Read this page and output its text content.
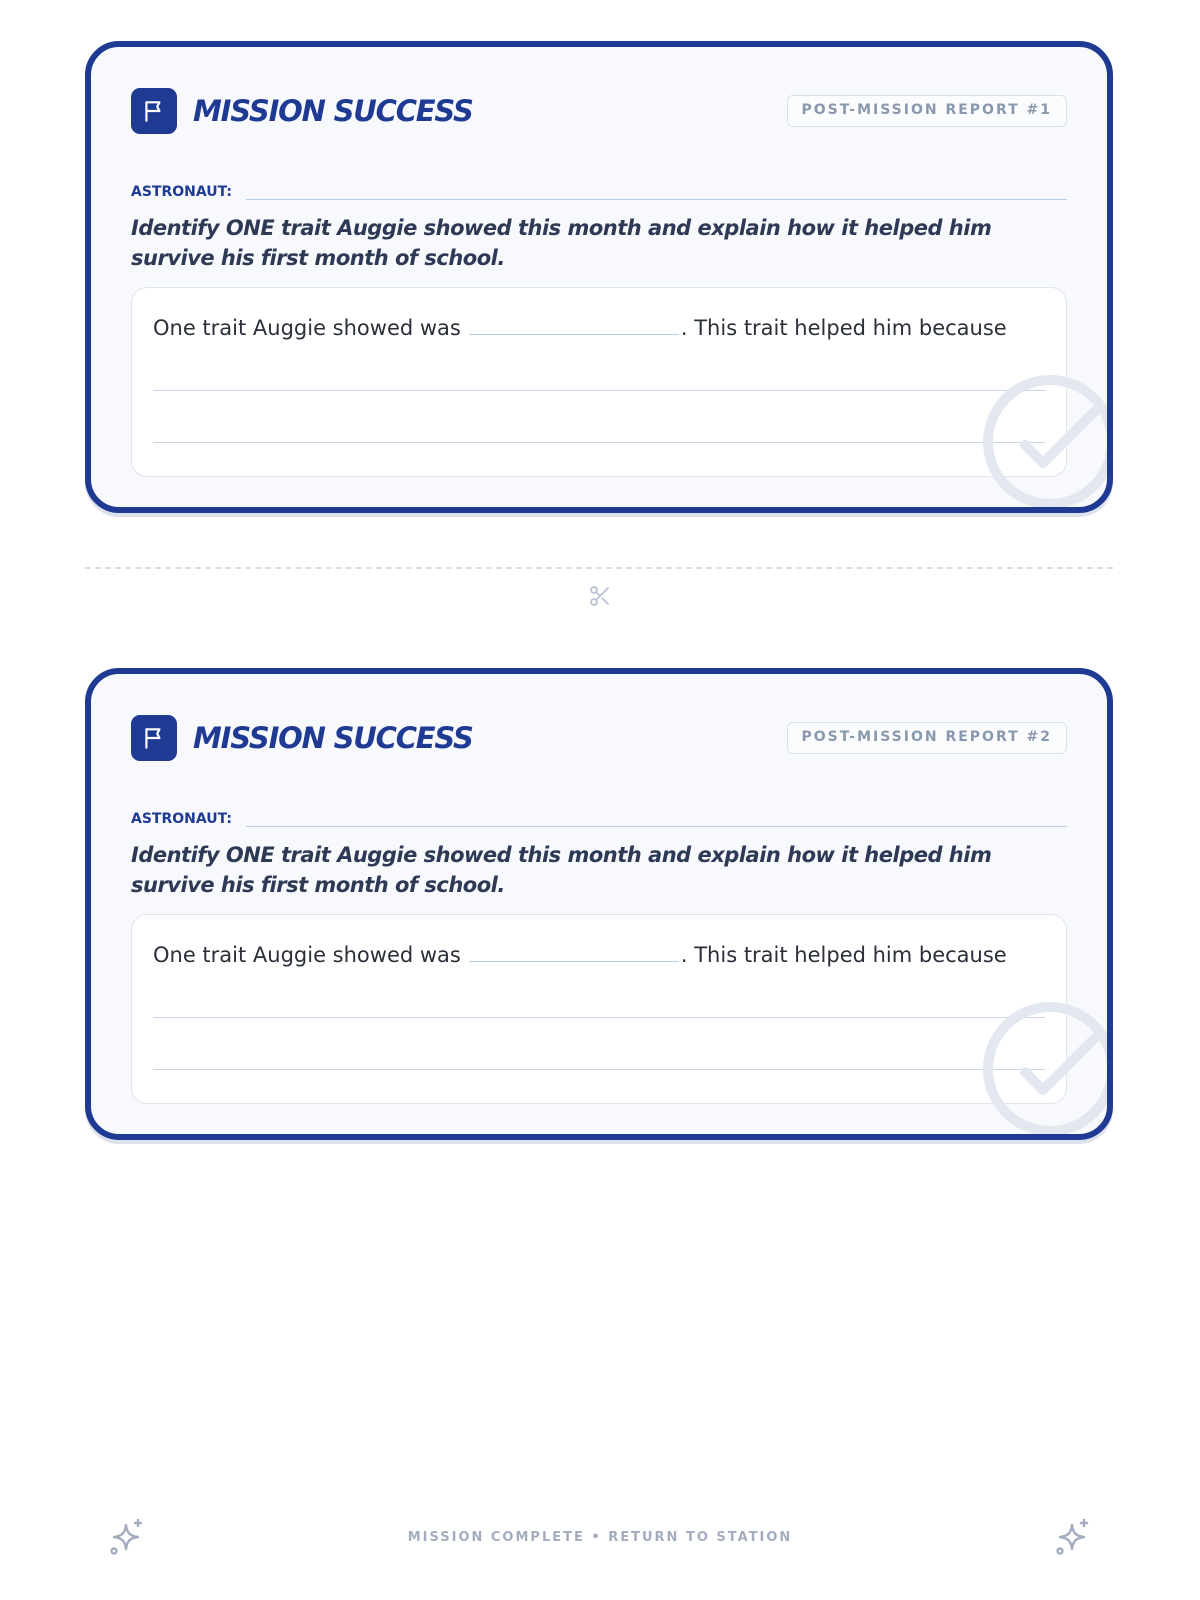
MISSION SUCCESS	POST-MISSION REPORT #1
ASTRONAUT:
Identify ONE trait Auggie showed this month and explain how it helped him survive his first month of school.
One trait Auggie showed was	. This trait helped him because
MISSION SUCCESS	POST-MISSION REPORT #2
ASTRONAUT:
Identify ONE trait Auggie showed this month and explain how it helped him survive his first month of school.
One trait Auggie showed was	. This trait helped him because
MISSION COMPLETE • RETURN TO STATION
